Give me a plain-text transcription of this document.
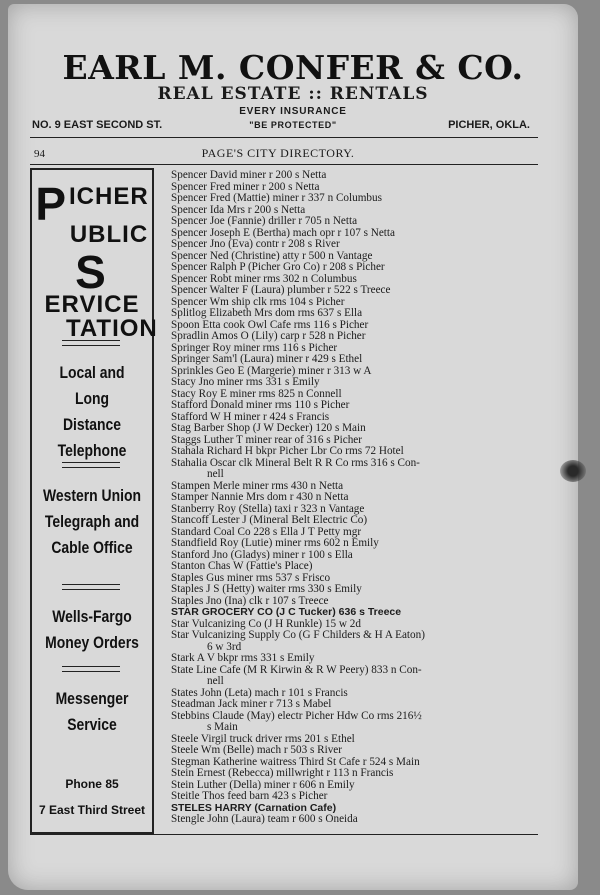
EARL M. CONFER & CO.
REAL ESTATE :: RENTALS
EVERY INSURANCE
"BE PROTECTED"
NO. 9 EAST SECOND ST.	PICHER, OKLA.
94	PAGE'S CITY DIRECTORY.
PICHER
UBLIC
SERVICE
TATION
Local and Long
Distance
Telephone
Western Union
Telegraph and
Cable Office
Wells-Fargo
Money Orders
Messenger
Service
Phone 85
7 East Third Street
Spencer David miner r 200 s Netta
Spencer Fred miner r 200 s Netta
Spencer Fred (Mattie) miner r 337 n Columbus
Spencer Ida Mrs r 200 s Netta
Spencer Joe (Fannie) driller r 705 n Netta
Spencer Joseph E (Bertha) mach opr r 107 s Netta
Spencer Jno (Eva) contr r 208 s River
Spencer Ned (Christine) atty r 500 n Vantage
Spencer Ralph P (Picher Gro Co) r 208 s Picher
Spencer Robt miner rms 302 n Columbus
Spencer Walter F (Laura) plumber r 522 s Treece
Spencer Wm ship clk rms 104 s Picher
Splitlog Elizabeth Mrs dom rms 637 s Ella
Spoon Etta cook Owl Cafe rms 116 s Picher
Spradlin Amos O (Lily) carp r 528 n Picher
Springer Roy miner rms 116 s Picher
Springer Sam'l (Laura) miner r 429 s Ethel
Sprinkles Geo E (Margerie) miner r 313 w A
Stacy Jno miner rms 331 s Emily
Stacy Roy E miner rms 825 n Connell
Stafford Donald miner rms 110 s Picher
Stafford W H miner r 424 s Francis
Stag Barber Shop (J W Decker) 120 s Main
Staggs Luther T miner rear of 316 s Picher
Stahala Richard H bkpr Picher Lbr Co rms 72 Hotel
Stahalia Oscar clk Mineral Belt R R Co rms 316 s Con-
nell
Stampen Merle miner rms 430 n Netta
Stamper Nannie Mrs dom r 430 n Netta
Stanberry Roy (Stella) taxi r 323 n Vantage
Stancoff Lester J (Mineral Belt Electric Co)
Standard Coal Co 228 s Ella J T Petty mgr
Standfield Roy (Lutie) miner rms 602 n Emily
Stanford Jno (Gladys) miner r 100 s Ella
Stanton Chas W (Fattie's Place)
Staples Gus miner rms 537 s Frisco
Staples J S (Hetty) waiter rms 330 s Emily
Staples Jno (Ina) clk r 107 s Treece
STAR GROCERY CO (J C Tucker) 636 s Treece
Star Vulcanizing Co (J H Runkle) 15 w 2d
Star Vulcanizing Supply Co (G F Childers & H A Eaton)
6 w 3rd
Stark A V bkpr rms 331 s Emily
State Line Cafe (M R Kirwin & R W Peery) 833 n Con-
nell
States John (Leta) mach r 101 s Francis
Steadman Jack miner r 713 s Mabel
Stebbins Claude (May) electr Picher Hdw Co rms 216½
s Main
Steele Virgil truck driver rms 201 s Ethel
Steele Wm (Belle) mach r 503 s River
Stegman Katherine waitress Third St Cafe r 524 s Main
Stein Ernest (Rebecca) millwright r 113 n Francis
Stein Luther (Della) miner r 606 n Emily
Steitle Thos feed barn 423 s Picher
STELES HARRY (Carnation Cafe)
Stengle John (Laura) team r 600 s Oneida
